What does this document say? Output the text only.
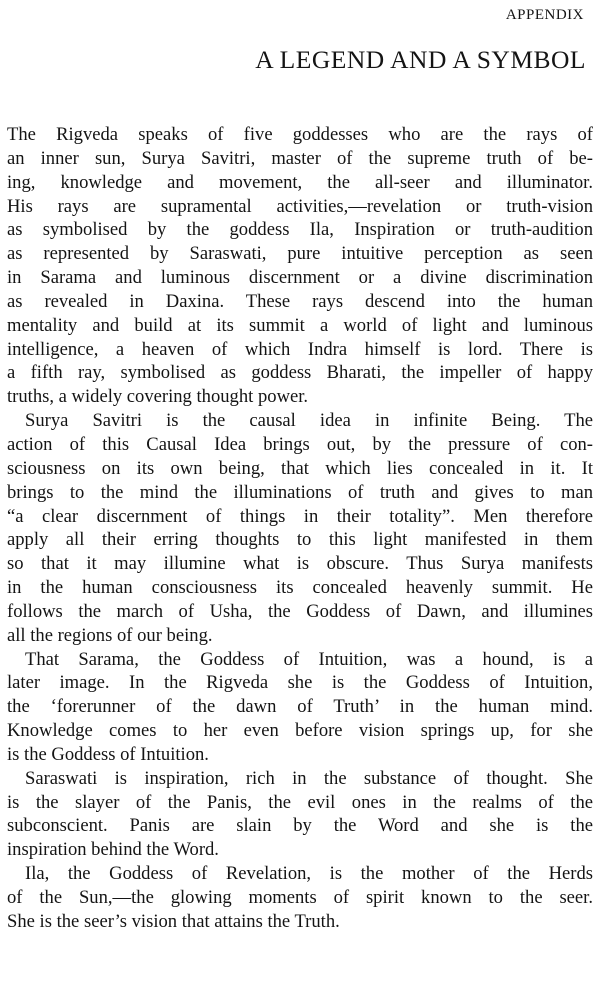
APPENDIX
A LEGEND AND A SYMBOL
The Rigveda speaks of five goddesses who are the rays of
an inner sun, Surya Savitri, master of the supreme truth of be-
ing, knowledge and movement, the all-seer and illuminator.
His rays are supramental activities,—revelation or truth-vision
as symbolised by the goddess Ila, Inspiration or truth-audition
as represented by Saraswati, pure intuitive perception as seen
in Sarama and luminous discernment or a divine discrimination
as revealed in Daxina. These rays descend into the human
mentality and build at its summit a world of light and luminous
intelligence, a heaven of which Indra himself is lord. There is
a fifth ray, symbolised as goddess Bharati, the impeller of happy
truths, a widely covering thought power.
Surya Savitri is the causal idea in infinite Being. The
action of this Causal Idea brings out, by the pressure of con-
sciousness on its own being, that which lies concealed in it. It
brings to the mind the illuminations of truth and gives to man
“a clear discernment of things in their totality”. Men therefore
apply all their erring thoughts to this light manifested in them
so that it may illumine what is obscure. Thus Surya manifests
in the human consciousness its concealed heavenly summit. He
follows the march of Usha, the Goddess of Dawn, and illumines
all the regions of our being.
That Sarama, the Goddess of Intuition, was a hound, is a
later image. In the Rigveda she is the Goddess of Intuition,
the ‘forerunner of the dawn of Truth’ in the human mind.
Knowledge comes to her even before vision springs up, for she
is the Goddess of Intuition.
Saraswati is inspiration, rich in the substance of thought. She
is the slayer of the Panis, the evil ones in the realms of the
subconscient. Panis are slain by the Word and she is the
inspiration behind the Word.
Ila, the Goddess of Revelation, is the mother of the Herds
of the Sun,—the glowing moments of spirit known to the seer.
She is the seer’s vision that attains the Truth.
